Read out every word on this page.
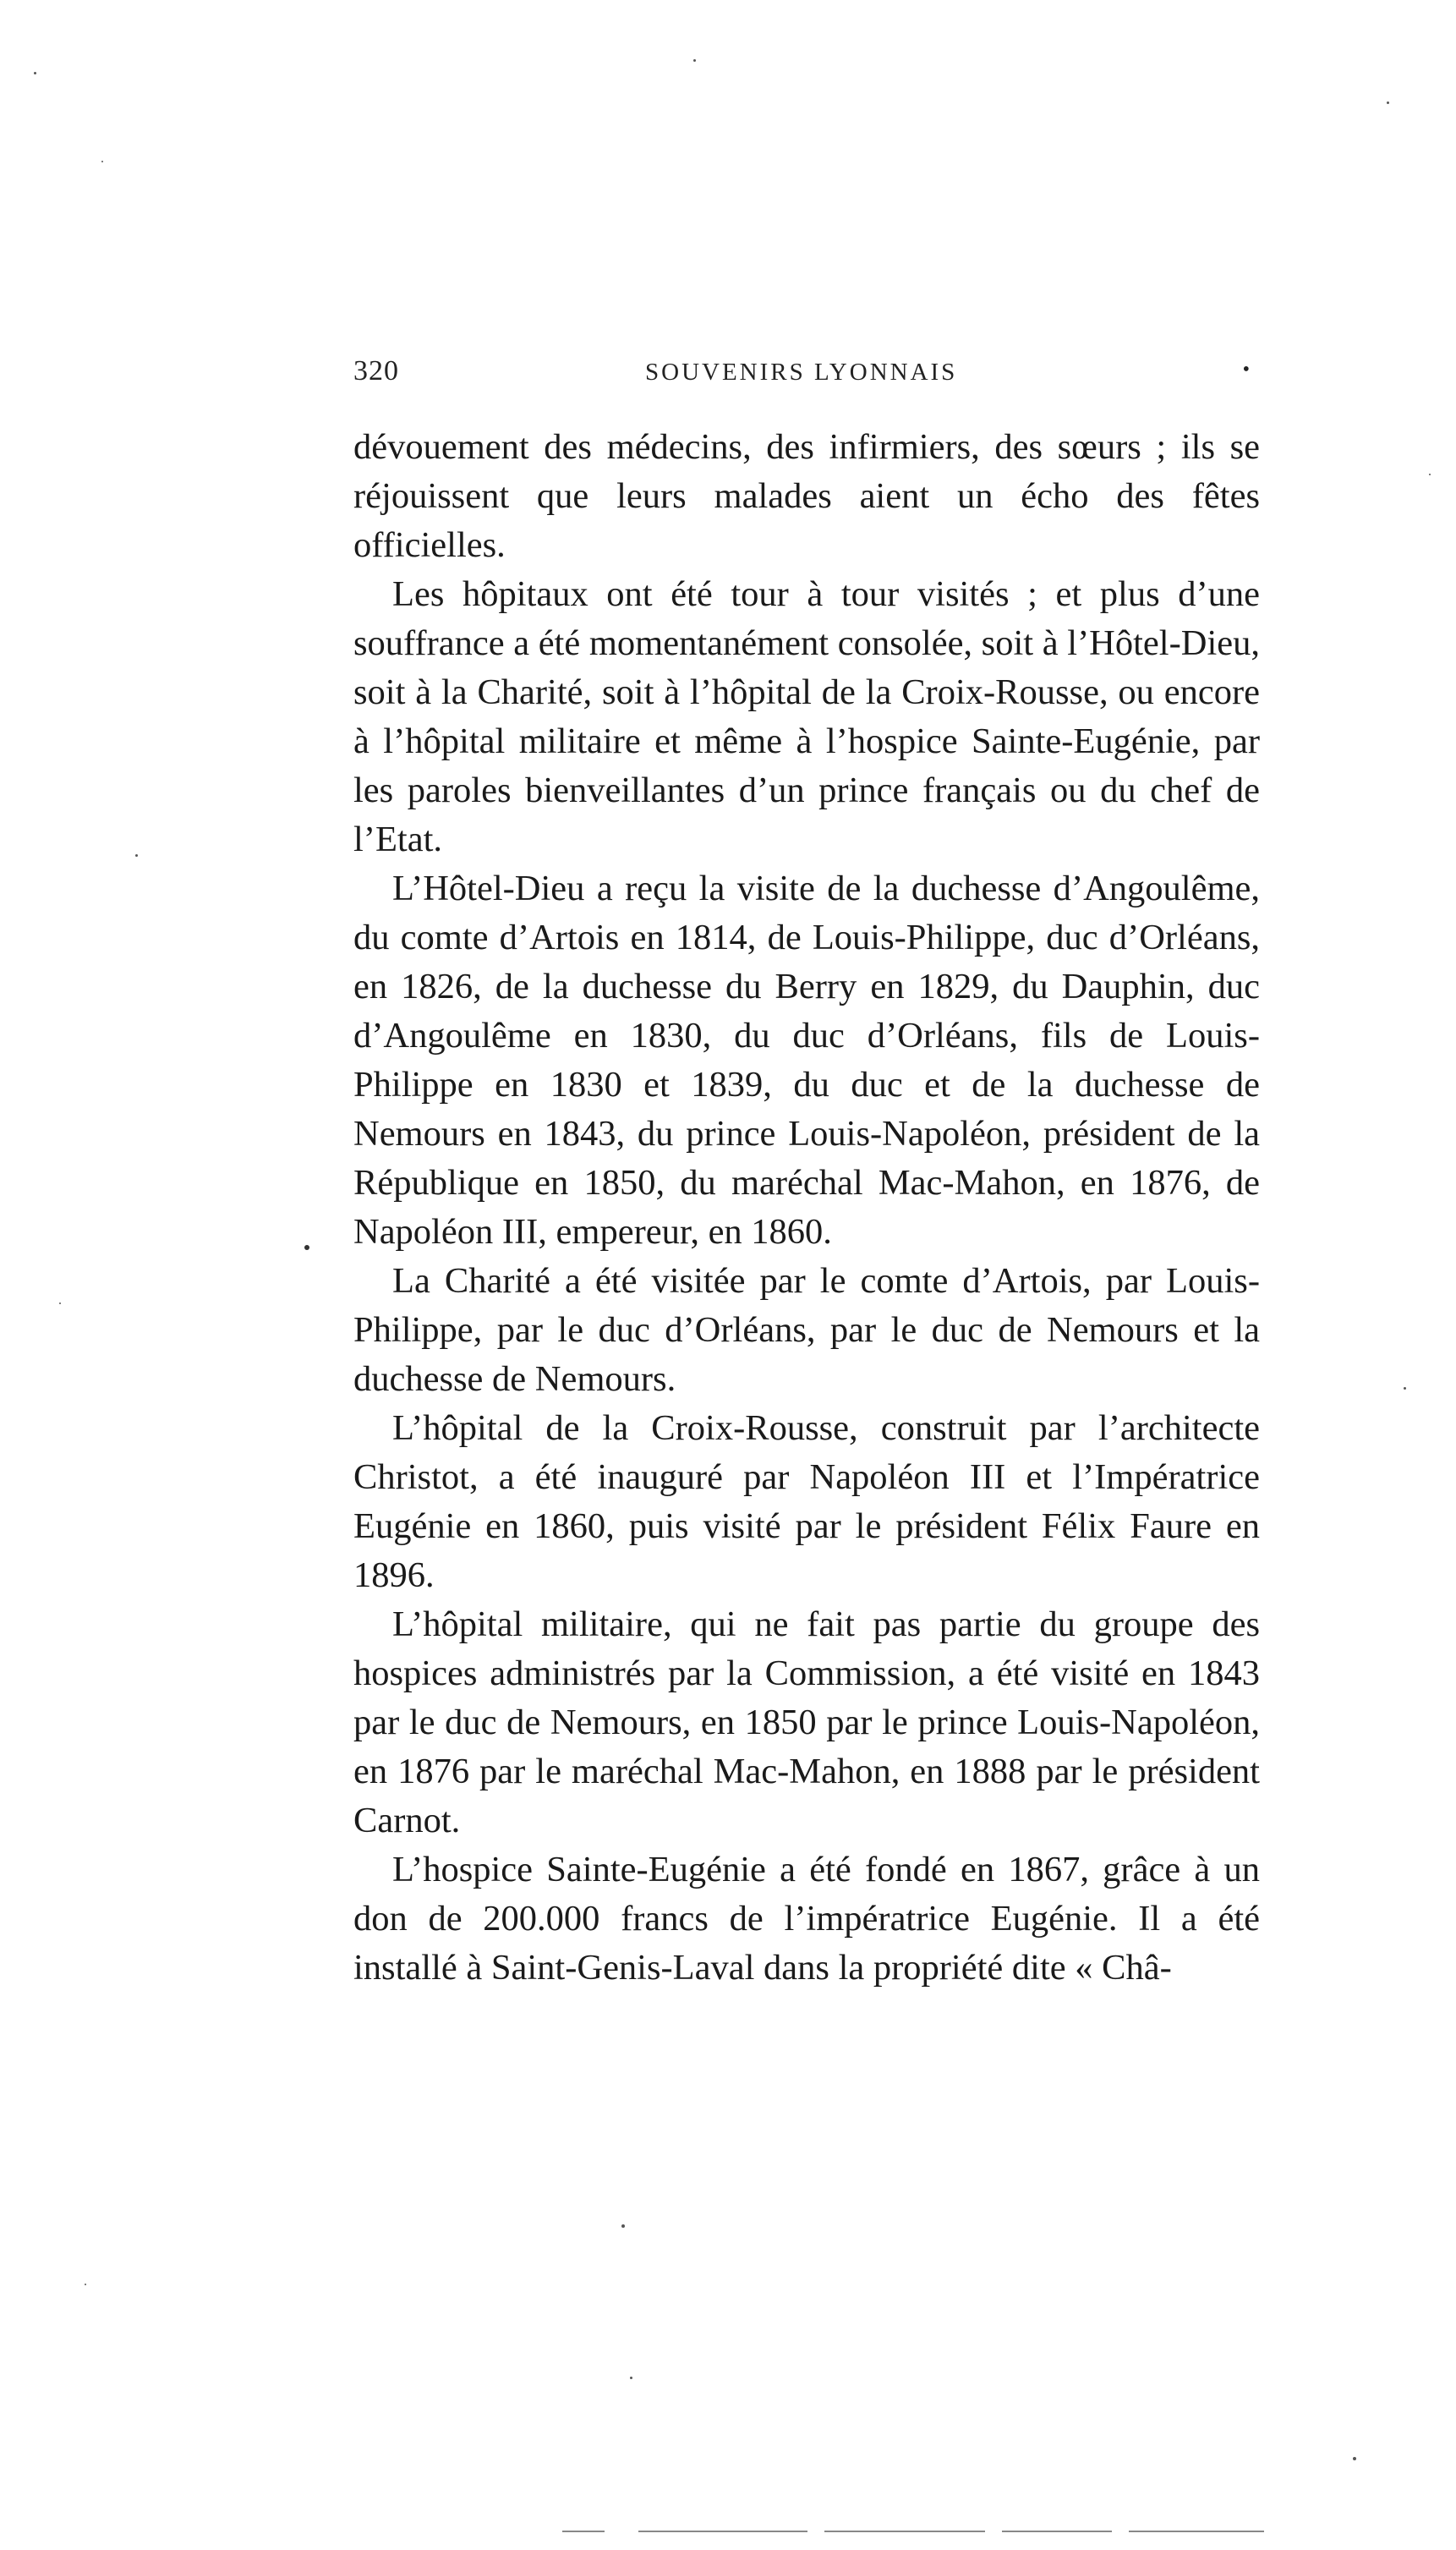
320	SOUVENIRS LYONNAIS	•

dévouement des médecins, des infirmiers, des sœurs ; ils se réjouissent que leurs malades aient un écho des fêtes officielles.

Les hôpitaux ont été tour à tour visités ; et plus d’une souffrance a été momentanément consolée, soit à l’Hôtel-Dieu, soit à la Charité, soit à l’hôpital de la Croix-Rousse, ou encore à l’hôpital militaire et même à l’hospice Sainte-Eugénie, par les paroles bienveillantes d’un prince français ou du chef de l’Etat.

L’Hôtel-Dieu a reçu la visite de la duchesse d’Angoulême, du comte d’Artois en 1814, de Louis-Philippe, duc d’Orléans, en 1826, de la duchesse du Berry en 1829, du Dauphin, duc d’Angoulême en 1830, du duc d’Orléans, fils de Louis-Philippe en 1830 et 1839, du duc et de la duchesse de Nemours en 1843, du prince Louis-Napoléon, président de la République en 1850, du maréchal Mac-Mahon, en 1876, de Napoléon III, empereur, en 1860.

La Charité a été visitée par le comte d’Artois, par Louis-Philippe, par le duc d’Orléans, par le duc de Nemours et la duchesse de Nemours.

L’hôpital de la Croix-Rousse, construit par l’architecte Christot, a été inauguré par Napoléon III et l’Impératrice Eugénie en 1860, puis visité par le président Félix Faure en 1896.

L’hôpital militaire, qui ne fait pas partie du groupe des hospices administrés par la Commission, a été visité en 1843 par le duc de Nemours, en 1850 par le prince Louis-Napoléon, en 1876 par le maréchal Mac-Mahon, en 1888 par le président Carnot.

L’hospice Sainte-Eugénie a été fondé en 1867, grâce à un don de 200.000 francs de l’impératrice Eugénie. Il a été installé à Saint-Genis-Laval dans la propriété dite « Châ-
